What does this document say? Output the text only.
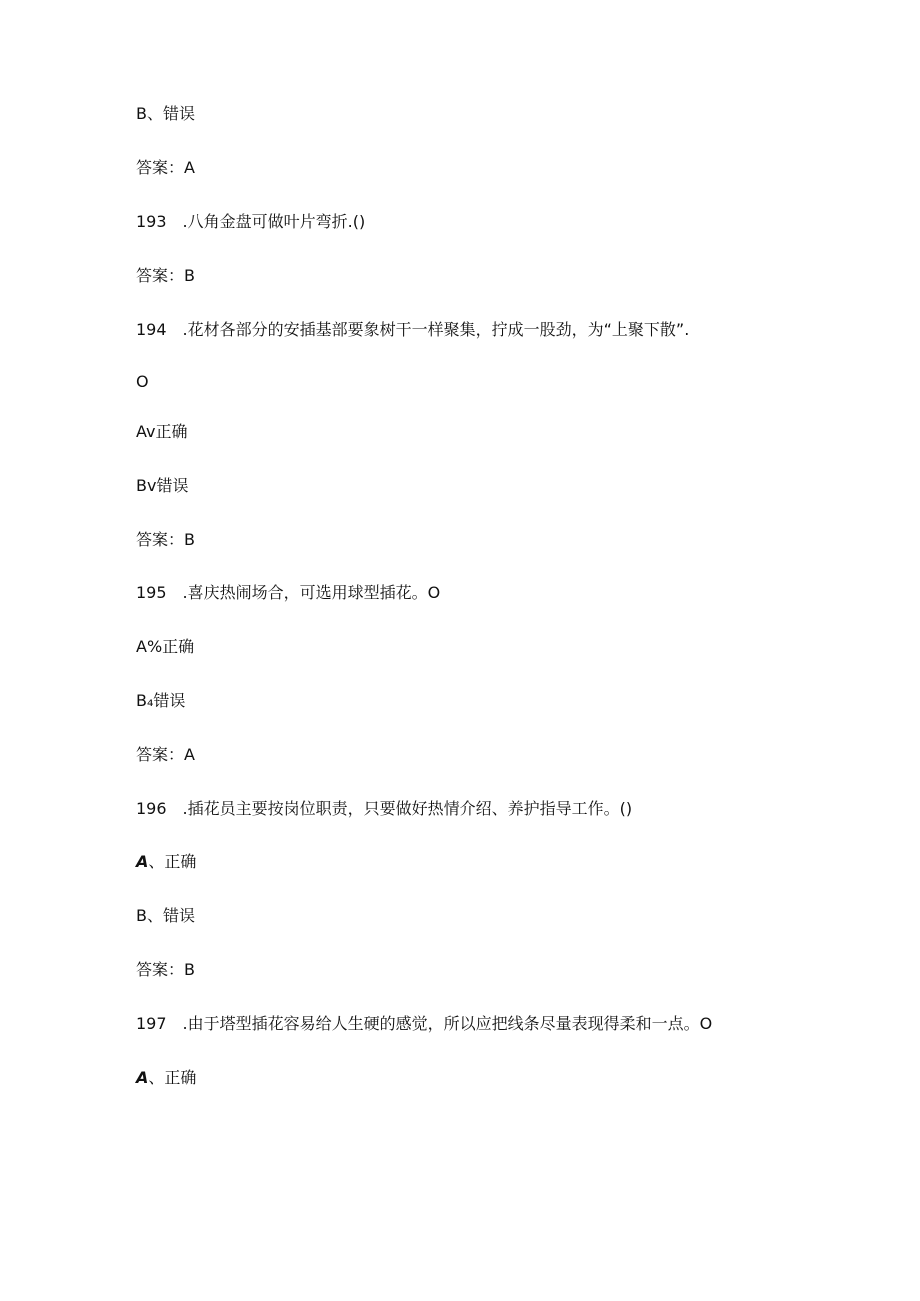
B、错误
答案：A
193　.八角金盘可做叶片弯折.()
答案：B
194　.花材各部分的安插基部要象树干一样聚集，拧成一股劲，为“上聚下散”.
O
Av正确
Bv错误
答案：B
195　.喜庆热闹场合，可选用球型插花。O
A%正确
B₄错误
答案：A
196　.插花员主要按岗位职责，只要做好热情介绍、养护指导工作。()
A、正确
B、错误
答案：B
197　.由于塔型插花容易给人生硬的感觉，所以应把线条尽量表现得柔和一点。O
A、正确
